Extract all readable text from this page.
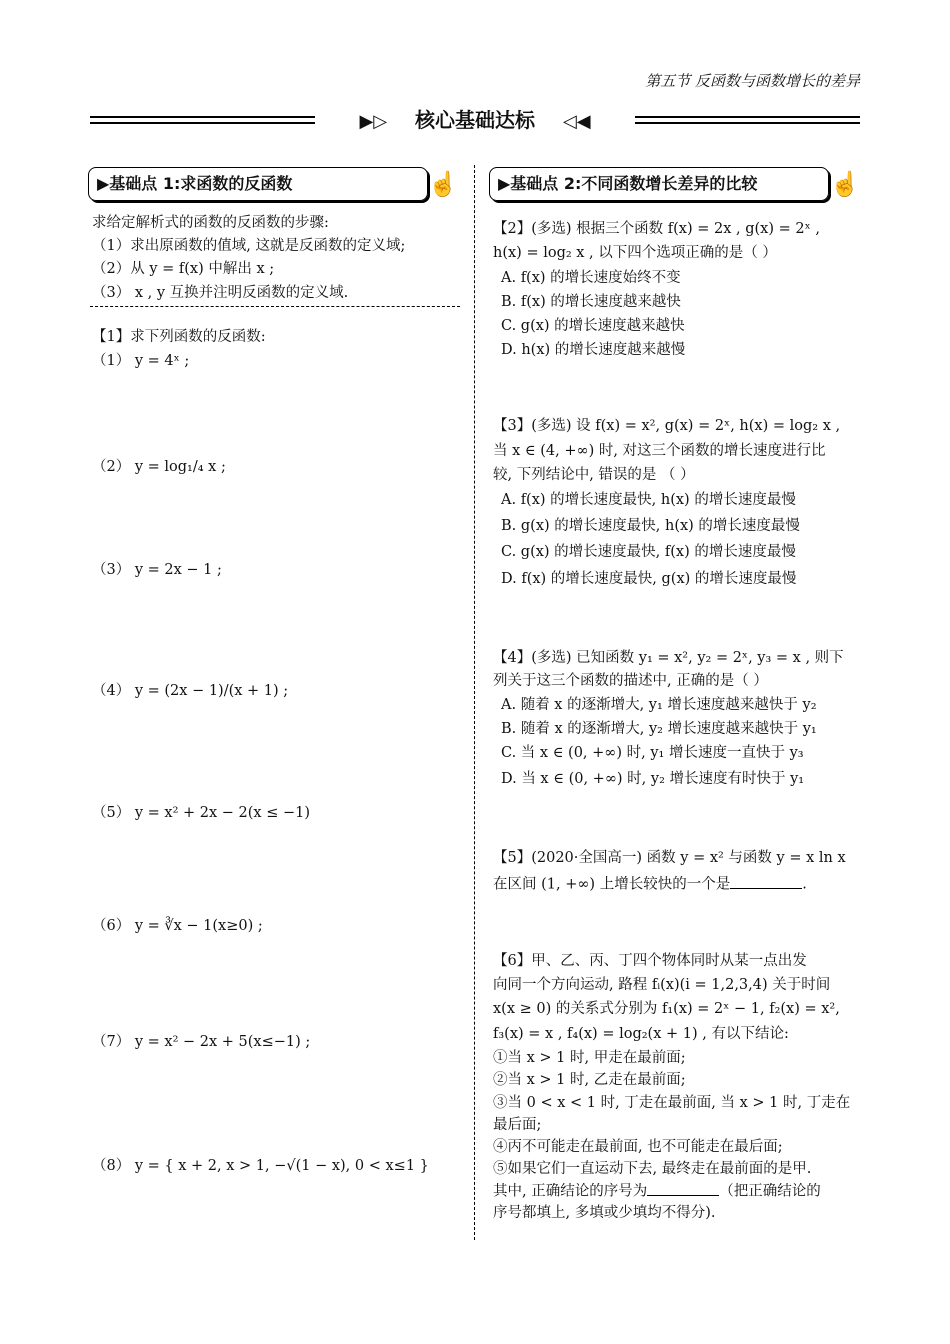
第五节 反函数与函数增长的差异
▶▷ 核心基础达标 ◁◀
▶基础点 1:求函数的反函数	☝
求给定解析式的函数的反函数的步骤:
（1）求出原函数的值域, 这就是反函数的定义域;
（2）从 y = f(x) 中解出 x ;
（3） x , y 互换并注明反函数的定义域.
【1】求下列函数的反函数:
（1） y = 4ˣ ;
（2） y = log₁/₄ x ;
（3） y = 2x − 1 ;
（4） y = (2x − 1)/(x + 1) ;
（5） y = x² + 2x − 2(x ≤ −1)
（6） y = ∛x − 1(x≥0) ;
（7） y = x² − 2x + 5(x≤−1) ;
（8） y = { x + 2, x > 1, −√(1 − x), 0 < x≤1 }
▶基础点 2:不同函数增长差异的比较	☝
【2】(多选) 根据三个函数 f(x) = 2x , g(x) = 2ˣ ,
h(x) = log₂ x , 以下四个选项正确的是（ ）
A. f(x) 的增长速度始终不变
B. f(x) 的增长速度越来越快
C. g(x) 的增长速度越来越快
D. h(x) 的增长速度越来越慢
【3】(多选) 设 f(x) = x², g(x) = 2ˣ, h(x) = log₂ x ,
当 x ∈ (4, +∞) 时, 对这三个函数的增长速度进行比
较, 下列结论中, 错误的是 （ ）
A. f(x) 的增长速度最快, h(x) 的增长速度最慢
B. g(x) 的增长速度最快, h(x) 的增长速度最慢
C. g(x) 的增长速度最快, f(x) 的增长速度最慢
D. f(x) 的增长速度最快, g(x) 的增长速度最慢
【4】(多选) 已知函数 y₁ = x², y₂ = 2ˣ, y₃ = x , 则下
列关于这三个函数的描述中, 正确的是（ ）
A. 随着 x 的逐渐增大, y₁ 增长速度越来越快于 y₂
B. 随着 x 的逐渐增大, y₂ 增长速度越来越快于 y₁
C. 当 x ∈ (0, +∞) 时, y₁ 增长速度一直快于 y₃
D. 当 x ∈ (0, +∞) 时, y₂ 增长速度有时快于 y₁
【5】(2020·全国高一) 函数 y = x² 与函数 y = x ln x
在区间 (1, +∞) 上增长较快的一个是	.
【6】甲、乙、丙、丁四个物体同时从某一点出发
向同一个方向运动, 路程 fᵢ(x)(i = 1,2,3,4) 关于时间
x(x ≥ 0) 的关系式分别为 f₁(x) = 2ˣ − 1, f₂(x) = x²,
f₃(x) = x , f₄(x) = log₂(x + 1) , 有以下结论:
①当 x > 1 时, 甲走在最前面;
②当 x > 1 时, 乙走在最前面;
③当 0 < x < 1 时, 丁走在最前面, 当 x > 1 时, 丁走在
最后面;
④丙不可能走在最前面, 也不可能走在最后面;
⑤如果它们一直运动下去, 最终走在最前面的是甲.
其中, 正确结论的序号为	（把正确结论的
序号都填上, 多填或少填均不得分).
